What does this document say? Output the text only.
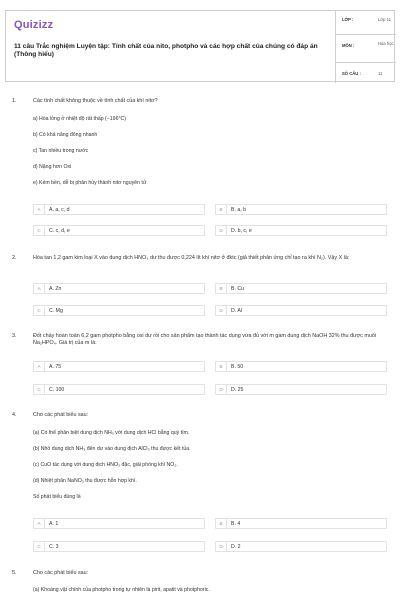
Quizizz
11 câu Trắc nghiệm Luyện tập: Tính chất của nito, photpho và các hợp chất của chúng có đáp án (Thông hiểu)
LỚP :	Lớp 11
MÔN :	Hóa học
SỐ CÂU :	11
1.	Các tính chất không thuộc về tính chất của khí nitơ?
a) Hóa lỏng ở nhiệt độ rất thấp (−196°C)
b) Có khả năng đông nhanh
c) Tan nhiều trong nước
d) Nặng hơn Oxi
e) Kém bền, dễ bị phân hủy thành nitơ nguyên tử
A	A. a, c, d	B	B. a, b
C	C. c, d, e	D	D. b, c, e
2.	Hòa tan 1,2 gam kim loại X vào dung dịch HNO₃ dư thu được 0,224 lít khí nitơ ở đktc (giả thiết phản ứng chỉ tạo ra khí N₂). Vậy X là:
A	A. Zn	B	B. Cu
C	C. Mg	D	D. Al
3.	Đốt cháy hoàn toàn 6,2 gam photpho bằng oxi dư rồi cho sản phẩm tạo thành tác dụng vừa đủ với m gam dung dịch NaOH 32% thu được muối Na₂HPO₄. Giá trị của m là:
A	A. 75	B	B. 50
C	C. 100	D	D. 25
4.	Cho các phát biểu sau:
(a) Có thể phân biệt dung dịch NH₃ với dung dịch HCl bằng quỳ tím.
(b) Nhỏ dung dịch NH₃ đến dư vào dung dịch AlCl₃ thu được kết tủa.
(c) CuO tác dụng với dung dịch HNO₃ đặc, giải phóng khí NO₂.
(d) Nhiệt phân NaNO₃ thu được hỗn hợp khí.
Số phát biểu đúng là
A	A. 1	B	B. 4
C	C. 3	D	D. 2
5.	Cho các phát biểu sau:
(a) Khoáng vật chính của photpho trong tự nhiên là pirit, apatit và photphoric.
